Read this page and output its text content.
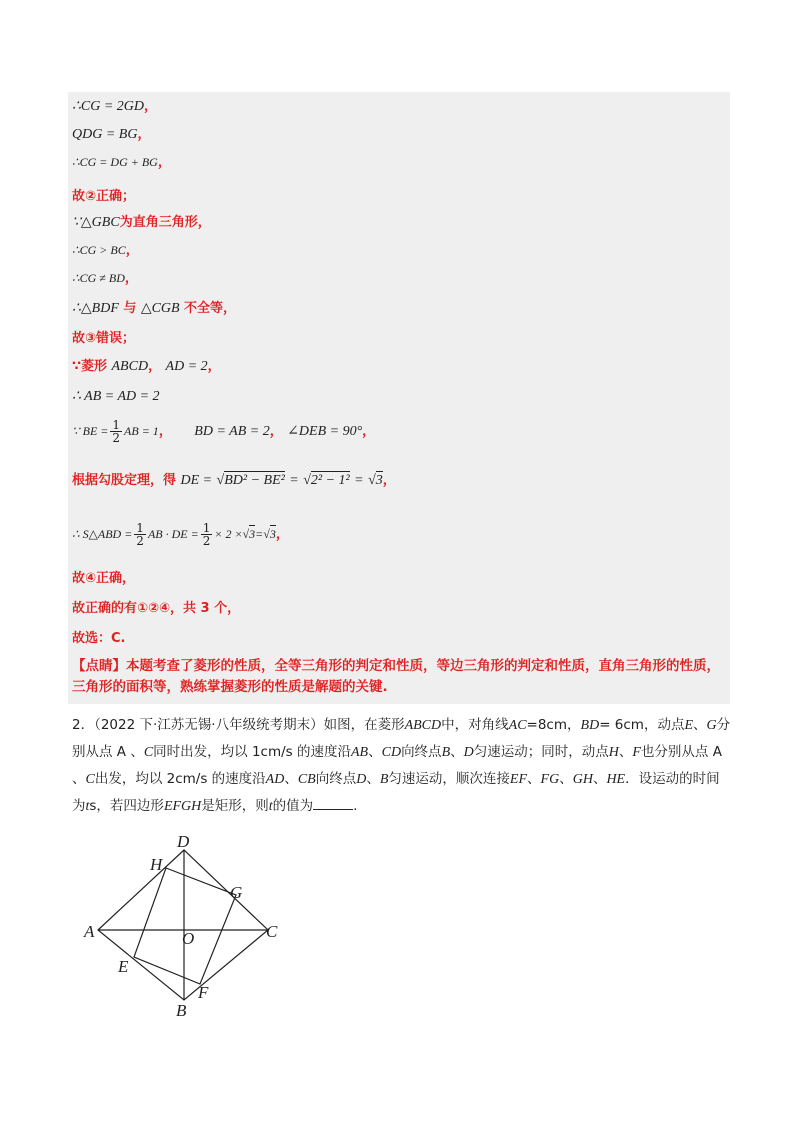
∴CG = 2GD，
QDG = BG，
∴CG = DG + BG，
故②正确；
∵△GBC为直角三角形，
∴CG > BC，
∴CG ≠ BD，
∴△BDF 与 △CGB 不全等，
故③错误；
∵菱形 ABCD， AD = 2，
∴ AB = AD = 2
∵ BE = $\frac{1}{2}$ AB = 1， BD = AB = 2， ∠DEB = 90°，
根据勾股定理，得 DE = √BD² − BE² = √2² − 1² = √3，
∴ S△ABD = $\frac{1}{2}$ AB · DE = $\frac{1}{2} \times 2 \times√3=√3$，
故④正确，
故正确的有①②④，共 3 个，
故选：C.
【点睛】本题考查了菱形的性质，全等三角形的判定和性质，等边三角形的判定和性质，直角三角形的性质，三角形的面积等，熟练掌握菱形的性质是解题的关键.
2．（2022 下·江苏无锡·八年级统考期末）如图，在菱形ABCD中，对角线AC=8cm，BD= 6cm，动点E、G分别从点 A 、C同时出发，均以 1cm/s 的速度沿AB、CD向终点B、D匀速运动；同时，动点H、F也分别从点 A 、C出发，均以 2cm/s 的速度沿AD、CB向终点D、B匀速运动，顺次连接EF、FG、GH、HE．设运动的时间为ts，若四边形EFGH是矩形，则t的值为	.
D
H
G
A	O	C
E
F
B
